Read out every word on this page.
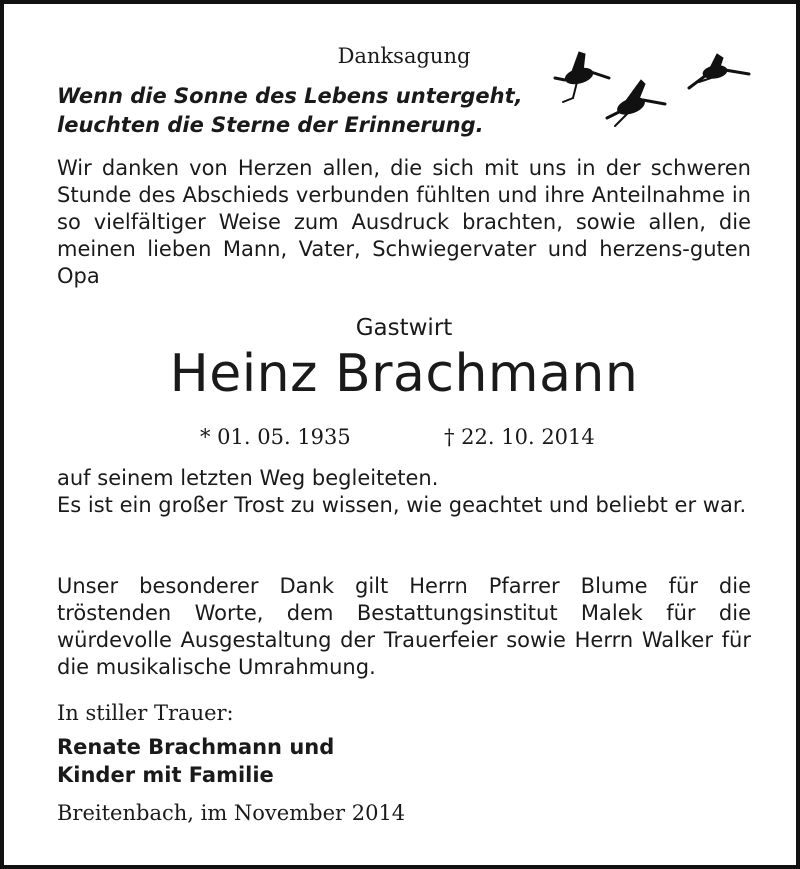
Danksagung
Wenn die Sonne des Lebens untergeht,
leuchten die Sterne der Erinnerung.
Wir danken von Herzen allen, die sich mit uns in der schweren Stunde des Abschieds verbunden fühlten und ihre Anteilnahme in so vielfältiger Weise zum Ausdruck brachten, sowie allen, die meinen lieben Mann, Vater, Schwiegervater und herzens-guten Opa
Gastwirt
Heinz Brachmann
* 01. 05. 1935	† 22. 10. 2014
auf seinem letzten Weg begleiteten.
Es ist ein großer Trost zu wissen, wie geachtet und beliebt er war.
Unser besonderer Dank gilt Herrn Pfarrer Blume für die tröstenden Worte, dem Bestattungsinstitut Malek für die würdevolle Ausgestaltung der Trauerfeier sowie Herrn Walker für die musikalische Umrahmung.
In stiller Trauer:
Renate Brachmann und
Kinder mit Familie
Breitenbach, im November 2014
